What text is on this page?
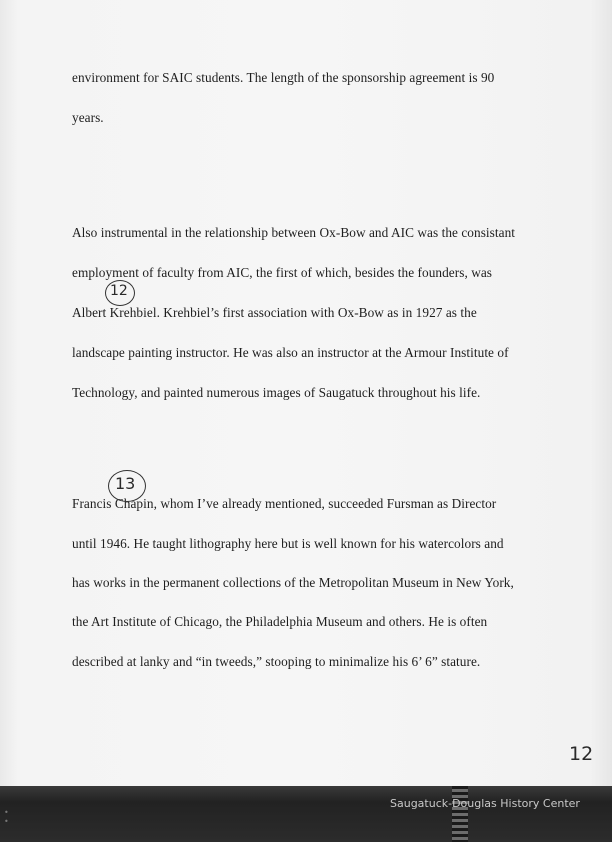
environment for SAIC students. The length of the sponsorship agreement is 90
years.
Also instrumental in the relationship between Ox-Bow and AIC was the consistant
employment of faculty from AIC, the first of which, besides the founders, was
Albert Krehbiel. Krehbiel’s first association with Ox-Bow as in 1927 as the
landscape painting instructor. He was also an instructor at the Armour Institute of
Technology, and painted numerous images of Saugatuck throughout his life.
Francis Chapin, whom I’ve already mentioned, succeeded Fursman as Director
until 1946. He taught lithography here but is well known for his watercolors and
has works in the permanent collections of the Metropolitan Museum in New York,
the Art Institute of Chicago, the Philadelphia Museum and others. He is often
described at lanky and “in tweeds,” stooping to minimalize his 6’ 6” stature.
12
13
12
•
•
Saugatuck-Douglas History Center
